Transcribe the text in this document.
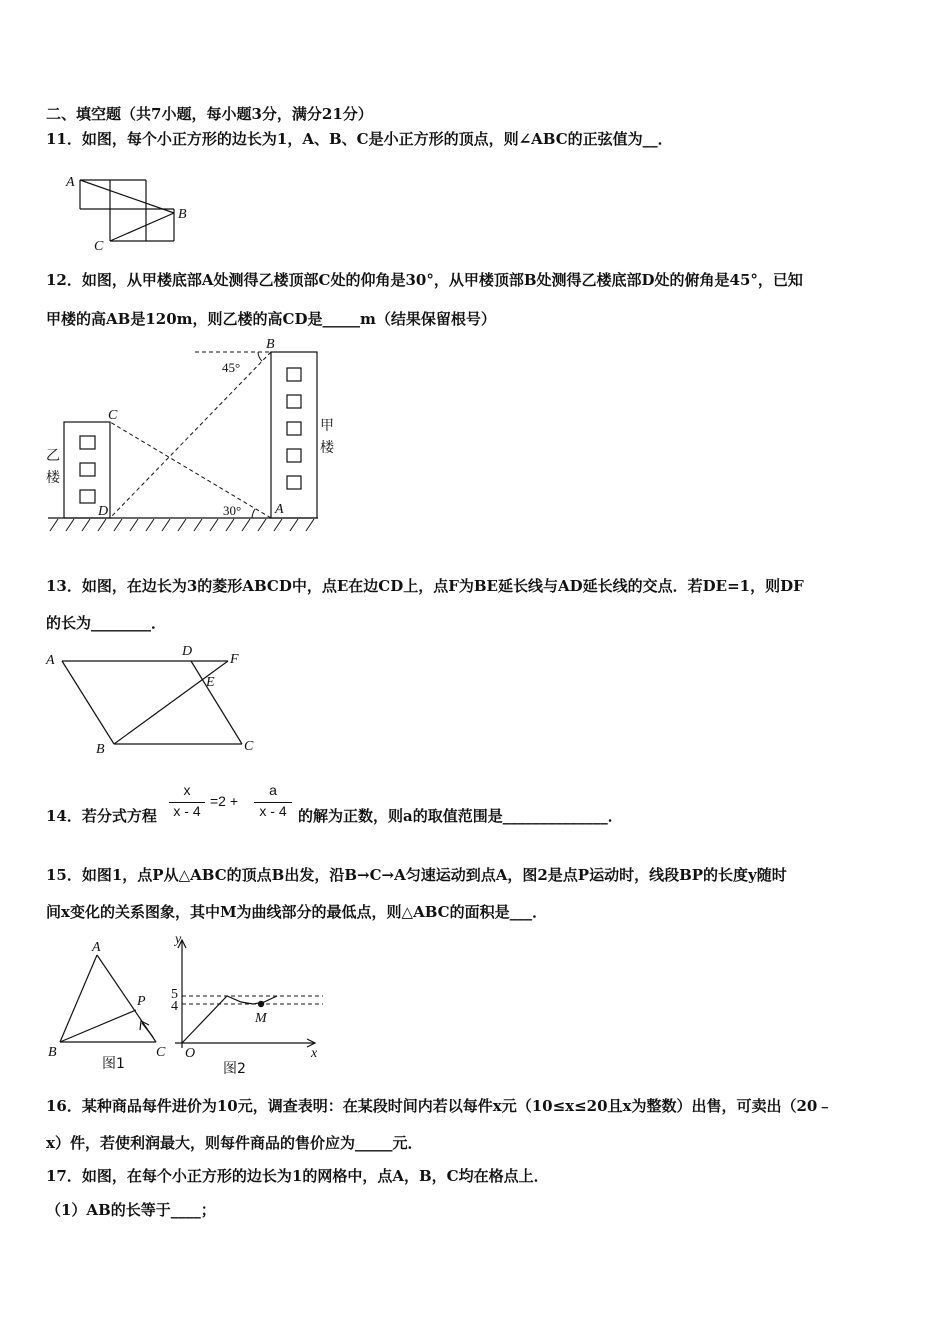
二、填空题（共7小题，每小题3分，满分21分）
11．如图，每个小正方形的边长为1，A、B、C是小正方形的顶点，则∠ABC的正弦值为__．
A
B
C
12．如图，从甲楼底部A处测得乙楼顶部C处的仰角是30°，从甲楼顶部B处测得乙楼底部D处的俯角是45°，已知
甲楼的高AB是120m，则乙楼的高CD是_____m（结果保留根号）
B
C
D	A
45°
30°
乙
楼
甲
楼
13．如图，在边长为3的菱形ABCD中，点E在边CD上，点F为BE延长线与AD延长线的交点．若DE=1，则DF
的长为________．
A
D
F
E
B	C
14．若分式方程
x
x - 4
=2 +
a
x - 4 的解为正数，则a的取值范围是______________．
15．如图1，点P从△ABC的顶点B出发，沿B→C→A匀速运动到点A，图2是点P运动时，线段BP的长度y随时
间x变化的关系图象，其中M为曲线部分的最低点，则△ABC的面积是___．
A
P
B	C
图1
y
5
4
M
O	x
图2
16．某种商品每件进价为10元，调查表明：在某段时间内若以每件x元（10≤x≤20且x为整数）出售，可卖出（20﹣
x）件，若使利润最大，则每件商品的售价应为_____元．
17．如图，在每个小正方形的边长为1的网格中，点A，B，C均在格点上．
（1）AB的长等于____；
